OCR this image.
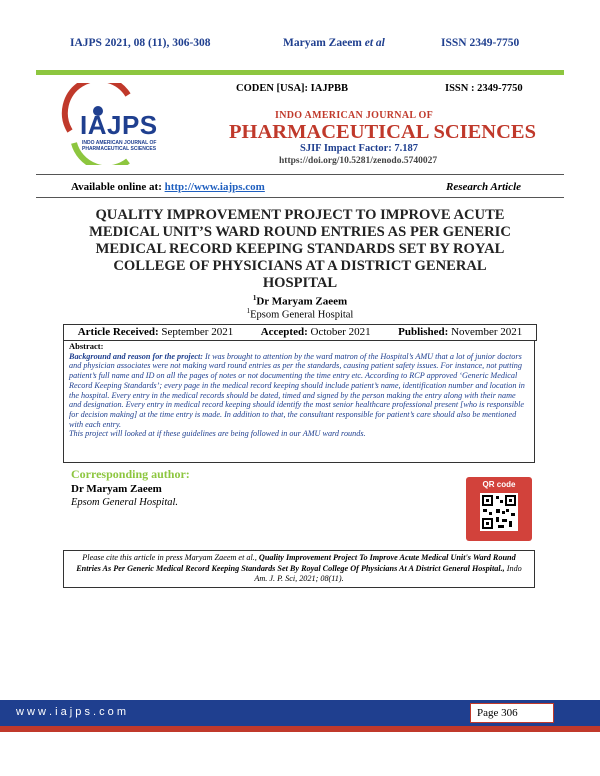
IAJPS 2021, 08 (11), 306-308	Maryam Zaeem et al	ISSN 2349-7750
IAJPS
INDO AMERICAN JOURNAL OF
PHARMACEUTICAL SCIENCES
CODEN [USA]: IAJPBB	ISSN : 2349-7750
INDO AMERICAN JOURNAL OF
PHARMACEUTICAL SCIENCES
SJIF Impact Factor: 7.187
https://doi.org/10.5281/zenodo.5740027
Available online at: http://www.iajps.com	Research Article
QUALITY IMPROVEMENT PROJECT TO IMPROVE ACUTE
MEDICAL UNIT’S WARD ROUND ENTRIES AS PER GENERIC
MEDICAL RECORD KEEPING STANDARDS SET BY ROYAL
COLLEGE OF PHYSICIANS AT A DISTRICT GENERAL
HOSPITAL
$^1$Dr Maryam Zaeem
$^1$Epsom General Hospital
Article Received: September 2021 Accepted: October 2021 Published: November 2021
Abstract:
Background and reason for the project: It was brought to attention by the ward matron of the Hospital’s AMU that a lot of junior doctors and physician associates were not making ward round entries as per the standards, causing patient safety issues. For instance, not putting patient’s full name and ID on all the pages of notes or not documenting the time entry etc. According to RCP approved ‘Generic Medical Record Keeping Standards’; every page in the medical record keeping should include patient’s name, identification number and location in the hospital. Every entry in the medical records should be dated, timed and signed by the person making the entry along with their name and designation. Every entry in medical record keeping should identify the most senior healthcare professional present [who is responsible for decision making] at the time entry is made. In addition to that, the consultant responsible for patient’s care should also be mentioned with each entry.
This project will looked at if these guidelines are being followed in our AMU ward rounds.
Corresponding author:
Dr Maryam Zaeem
Epsom General Hospital.
QR code
Please cite this article in press Maryam Zaeem et al., Quality Improvement Project To Improve Acute Medical Unit's Ward Round Entries As Per Generic Medical Record Keeping Standards Set By Royal College Of Physicians At A District General Hospital., Indo Am. J. P. Sci, 2021; 08(11).
w w w . i a j p s . c o m	Page 306
